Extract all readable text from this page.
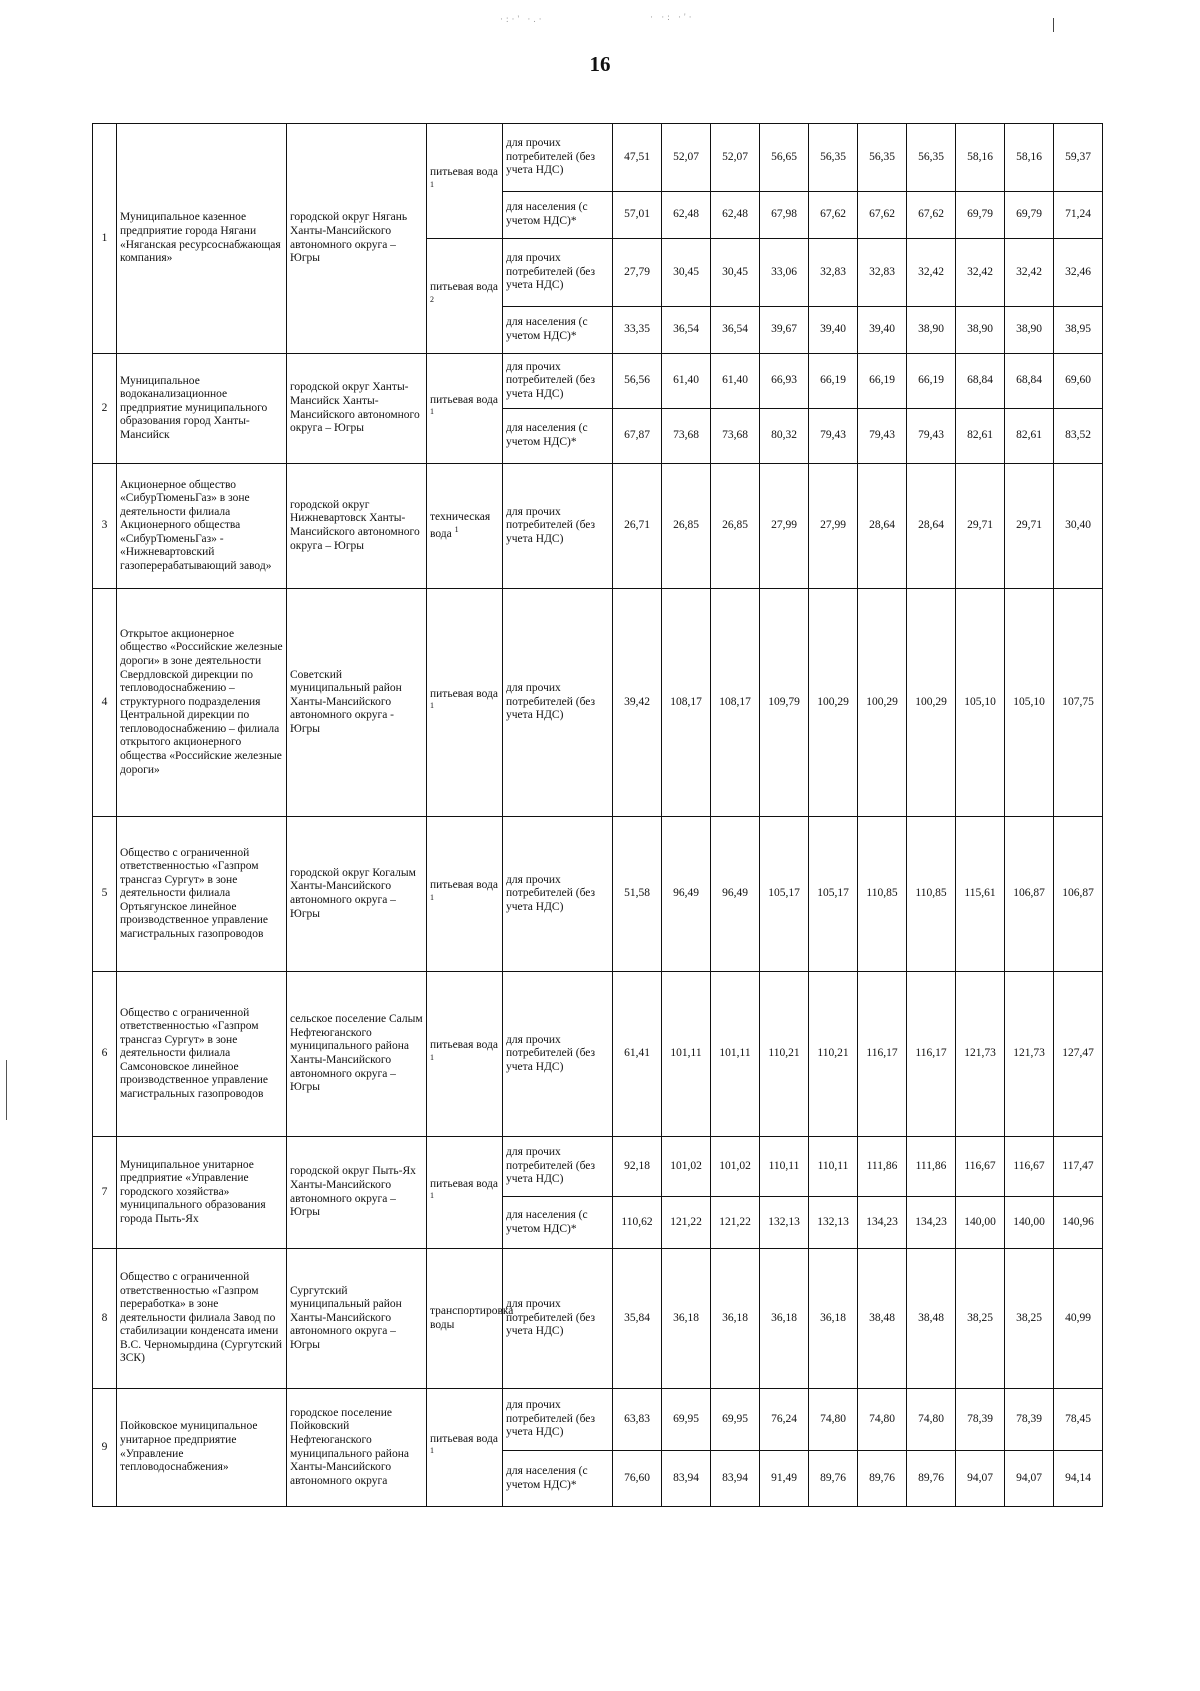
·:·' ·.·	· ·: ·'·
16
1	Муниципальное казенное предприятие города Нягани «Няганская ресурсоснабжающая компания»	городской округ Нягань Ханты-Мансийского автономного округа – Югры	питьевая вода $^1$	для прочих потребителей (без учета НДС)	47,51	52,07	52,07	56,65	56,35	56,35	56,35	58,16	58,16	59,37
				для населения (с учетом НДС)*	57,01	62,48	62,48	67,98	67,62	67,62	67,62	69,79	69,79	71,24
			питьевая вода $^2$	для прочих потребителей (без учета НДС)	27,79	30,45	30,45	33,06	32,83	32,83	32,42	32,42	32,42	32,46
				для населения (с учетом НДС)*	33,35	36,54	36,54	39,67	39,40	39,40	38,90	38,90	38,90	38,95
2	Муниципальное водоканализационное предприятие муниципального образования город Ханты-Мансийск	городской округ Ханты-Мансийск Ханты-Мансийского автономного округа – Югры	питьевая вода $^1$	для прочих потребителей (без учета НДС)	56,56	61,40	61,40	66,93	66,19	66,19	66,19	68,84	68,84	69,60
				для населения (с учетом НДС)*	67,87	73,68	73,68	80,32	79,43	79,43	79,43	82,61	82,61	83,52
3	Акционерное общество «СибурТюменьГаз» в зоне деятельности филиала Акционерного общества «СибурТюменьГаз» - «Нижневартовский газоперерабатывающий завод»	городской округ Нижневартовск Ханты-Мансийского автономного округа – Югры	техническая вода $^1$	для прочих потребителей (без учета НДС)	26,71	26,85	26,85	27,99	27,99	28,64	28,64	29,71	29,71	30,40
4	Открытое акционерное общество «Российские железные дороги» в зоне деятельности Свердловской дирекции по тепловодоснабжению – структурного подразделения Центральной дирекции по тепловодоснабжению – филиала открытого акционерного общества «Российские железные дороги»	Советский муниципальный район Ханты-Мансийского автономного округа - Югры	питьевая вода $^1$	для прочих потребителей (без учета НДС)	39,42	108,17	108,17	109,79	100,29	100,29	100,29	105,10	105,10	107,75
5	Общество с ограниченной ответственностью «Газпром трансгаз Сургут» в зоне деятельности филиала Ортьягунское линейное производственное управление магистральных газопроводов	городской округ Когалым Ханты-Мансийского автономного округа – Югры	питьевая вода $^1$	для прочих потребителей (без учета НДС)	51,58	96,49	96,49	105,17	105,17	110,85	110,85	115,61	106,87	106,87
6	Общество с ограниченной ответственностью «Газпром трансгаз Сургут» в зоне деятельности филиала Самсоновское линейное производственное управление магистральных газопроводов	сельское поселение Салым Нефтеюганского муниципального района Ханты-Мансийского автономного округа – Югры	питьевая вода $^1$	для прочих потребителей (без учета НДС)	61,41	101,11	101,11	110,21	110,21	116,17	116,17	121,73	121,73	127,47
7	Муниципальное унитарное предприятие «Управление городского хозяйства» муниципального образования города Пыть-Ях	городской округ Пыть-Ях Ханты-Мансийского автономного округа – Югры	питьевая вода $^1$	для прочих потребителей (без учета НДС)	92,18	101,02	101,02	110,11	110,11	111,86	111,86	116,67	116,67	117,47
				для населения (с учетом НДС)*	110,62	121,22	121,22	132,13	132,13	134,23	134,23	140,00	140,00	140,96
8	Общество с ограниченной ответственностью «Газпром переработка» в зоне деятельности филиала Завод по стабилизации конденсата имени В.С. Черномырдина (Сургутский ЗСК)	Сургутский муниципальный район Ханты-Мансийского автономного округа – Югры	транспортировка воды	для прочих потребителей (без учета НДС)	35,84	36,18	36,18	36,18	36,18	38,48	38,48	38,25	38,25	40,99
9	Пойковское муниципальное унитарное предприятие «Управление тепловодоснабжения»	городское поселение Пойковский Нефтеюганского муниципального района Ханты-Мансийского автономного округа	питьевая вода $^1$	для прочих потребителей (без учета НДС)	63,83	69,95	69,95	76,24	74,80	74,80	74,80	78,39	78,39	78,45
				для населения (с учетом НДС)*	76,60	83,94	83,94	91,49	89,76	89,76	89,76	94,07	94,07	94,14
